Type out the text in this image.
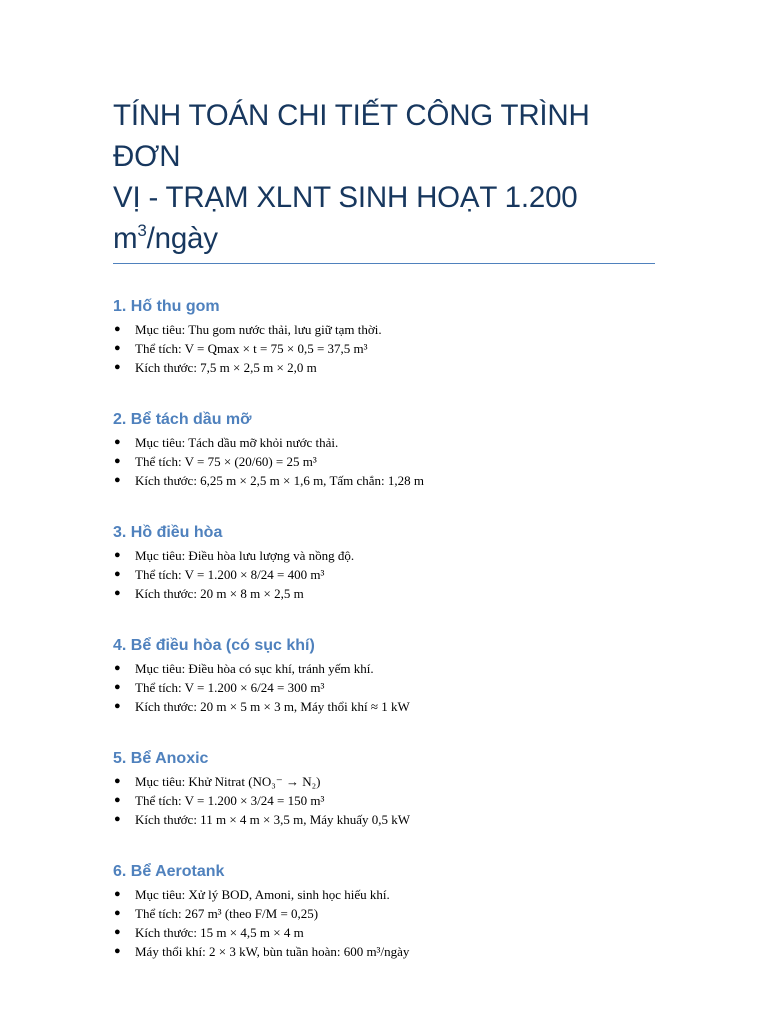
TÍNH TOÁN CHI TIẾT CÔNG TRÌNH ĐƠN
VỊ - TRẠM XLNT SINH HOẠT 1.200
$m^3$/ngày
1. Hố thu gom
● Mục tiêu: Thu gom nước thải, lưu giữ tạm thời.
● Thể tích: V = Qmax × t = 75 × 0,5 = 37,5 m³
● Kích thước: 7,5 m × 2,5 m × 2,0 m
2. Bể tách dầu mỡ
● Mục tiêu: Tách dầu mỡ khỏi nước thải.
● Thể tích: V = 75 × (20/60) = 25 m³
● Kích thước: 6,25 m × 2,5 m × 1,6 m, Tấm chắn: 1,28 m
3. Hồ điều hòa
● Mục tiêu: Điều hòa lưu lượng và nồng độ.
● Thể tích: V = 1.200 × 8/24 = 400 m³
● Kích thước: 20 m × 8 m × 2,5 m
4. Bể điều hòa (có sục khí)
● Mục tiêu: Điều hòa có sục khí, tránh yếm khí.
● Thể tích: V = 1.200 × 6/24 = 300 m³
● Kích thước: 20 m × 5 m × 3 m, Máy thổi khí ≈ 1 kW
5. Bể Anoxic
● Mục tiêu: Khử Nitrat (NO₃⁻ → N₂)
● Thể tích: V = 1.200 × 3/24 = 150 m³
● Kích thước: 11 m × 4 m × 3,5 m, Máy khuấy 0,5 kW
6. Bể Aerotank
● Mục tiêu: Xử lý BOD, Amoni, sinh học hiếu khí.
● Thể tích: 267 m³ (theo F/M = 0,25)
● Kích thước: 15 m × 4,5 m × 4 m
● Máy thổi khí: 2 × 3 kW, bùn tuần hoàn: 600 m³/ngày
